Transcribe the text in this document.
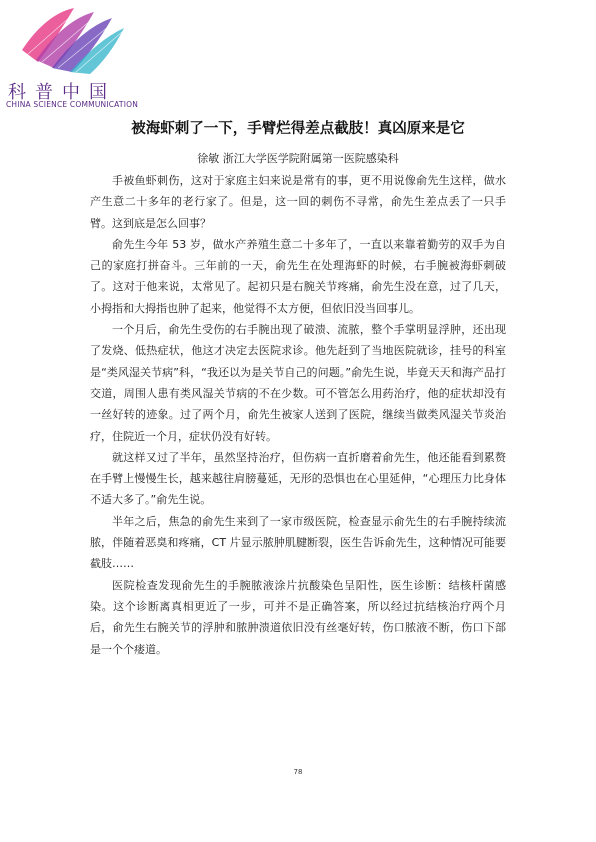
科普中国
CHINA SCIENCE COMMUNICATION
被海虾刺了一下，手臂烂得差点截肢！真凶原来是它
徐敏 浙江大学医学院附属第一医院感染科

手被鱼虾刺伤，这对于家庭主妇来说是常有的事，更不用说像俞先生这样，做水产生意二十多年的老行家了。但是，这一回的刺伤不寻常，俞先生差点丢了一只手臂。这到底是怎么回事？

俞先生今年 53 岁，做水产养殖生意二十多年了，一直以来靠着勤劳的双手为自己的家庭打拼奋斗。三年前的一天，俞先生在处理海虾的时候，右手腕被海虾刺破了。这对于他来说，太常见了。起初只是右腕关节疼痛，俞先生没在意，过了几天，小拇指和大拇指也肿了起来，他觉得不太方便，但依旧没当回事儿。

一个月后，俞先生受伤的右手腕出现了破溃、流脓，整个手掌明显浮肿，还出现了发烧、低热症状，他这才决定去医院求诊。他先赶到了当地医院就诊，挂号的科室是“类风湿关节病”科，“我还以为是关节自己的问题。”俞先生说，毕竟天天和海产品打交道，周围人患有类风湿关节病的不在少数。可不管怎么用药治疗，他的症状却没有一丝好转的迹象。过了两个月，俞先生被家人送到了医院，继续当做类风湿关节炎治疗，住院近一个月，症状仍没有好转。

就这样又过了半年，虽然坚持治疗，但伤病一直折磨着俞先生，他还能看到累赘在手臂上慢慢生长，越来越往肩膀蔓延，无形的恐惧也在心里延伸，“心理压力比身体不适大多了。”俞先生说。

半年之后，焦急的俞先生来到了一家市级医院，检查显示俞先生的右手腕持续流脓，伴随着恶臭和疼痛，CT 片显示脓肿肌腱断裂，医生告诉俞先生，这种情况可能要截肢……

医院检查发现俞先生的手腕脓液涂片抗酸染色呈阳性，医生诊断：结核杆菌感染。这个诊断离真相更近了一步，可并不是正确答案，所以经过抗结核治疗两个月后，俞先生右腕关节的浮肿和脓肿溃道依旧没有丝毫好转，伤口脓液不断，伤口下部是一个个瘘道。

78
